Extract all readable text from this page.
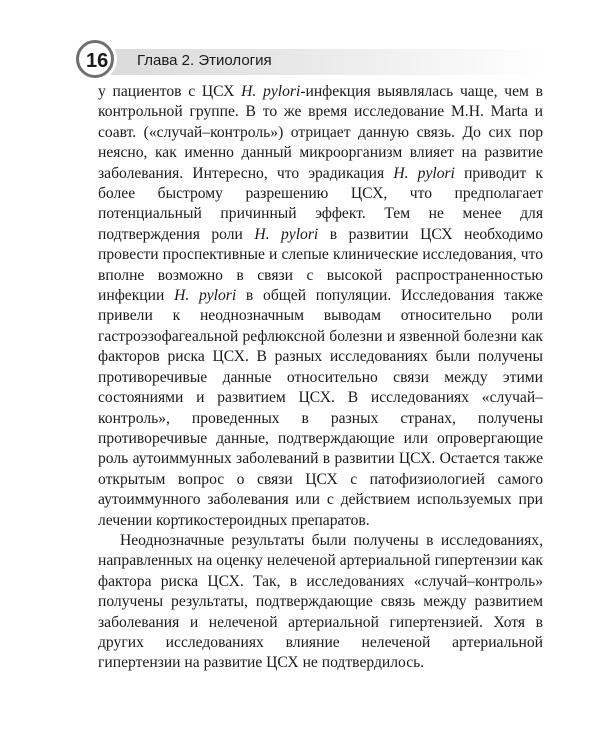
16 Глава 2. Этиология

у пациентов с ЦСХ H. pylori-инфекция выявлялась чаще, чем в контрольной группе. В то же время исследование M.H. Marta и соавт. («случай–контроль») отрицает данную связь. До сих пор неясно, как именно данный микроорганизм влияет на развитие заболевания. Интересно, что эрадикация H. pylori приводит к более быстрому разрешению ЦСХ, что предполагает потенциальный причинный эффект. Тем не менее для подтверждения роли H. pylori в развитии ЦСХ необходимо провести проспективные и слепые клинические исследования, что вполне возможно в связи с высокой распространенностью инфекции H. pylori в общей популяции. Исследования также привели к неоднозначным выводам относительно роли гастроэзофагеальной рефлюксной болезни и язвенной болезни как факторов риска ЦСХ. В разных исследованиях были получены противоречивые данные относительно связи между этими состояниями и развитием ЦСХ. В исследованиях «случай–контроль», проведенных в разных странах, получены противоречивые данные, подтверждающие или опровергающие роль аутоиммунных заболеваний в развитии ЦСХ. Остается также открытым вопрос о связи ЦСХ с патофизиологией самого аутоиммунного заболевания или с действием используемых при лечении кортикостероидных препаратов.

Неоднозначные результаты были получены в исследованиях, направленных на оценку нелеченой артериальной гипертензии как фактора риска ЦСХ. Так, в исследованиях «случай–контроль» получены результаты, подтверждающие связь между развитием заболевания и нелеченой артериальной гипертензией. Хотя в других исследованиях влияние нелеченой артериальной гипертензии на развитие ЦСХ не подтвердилось.
